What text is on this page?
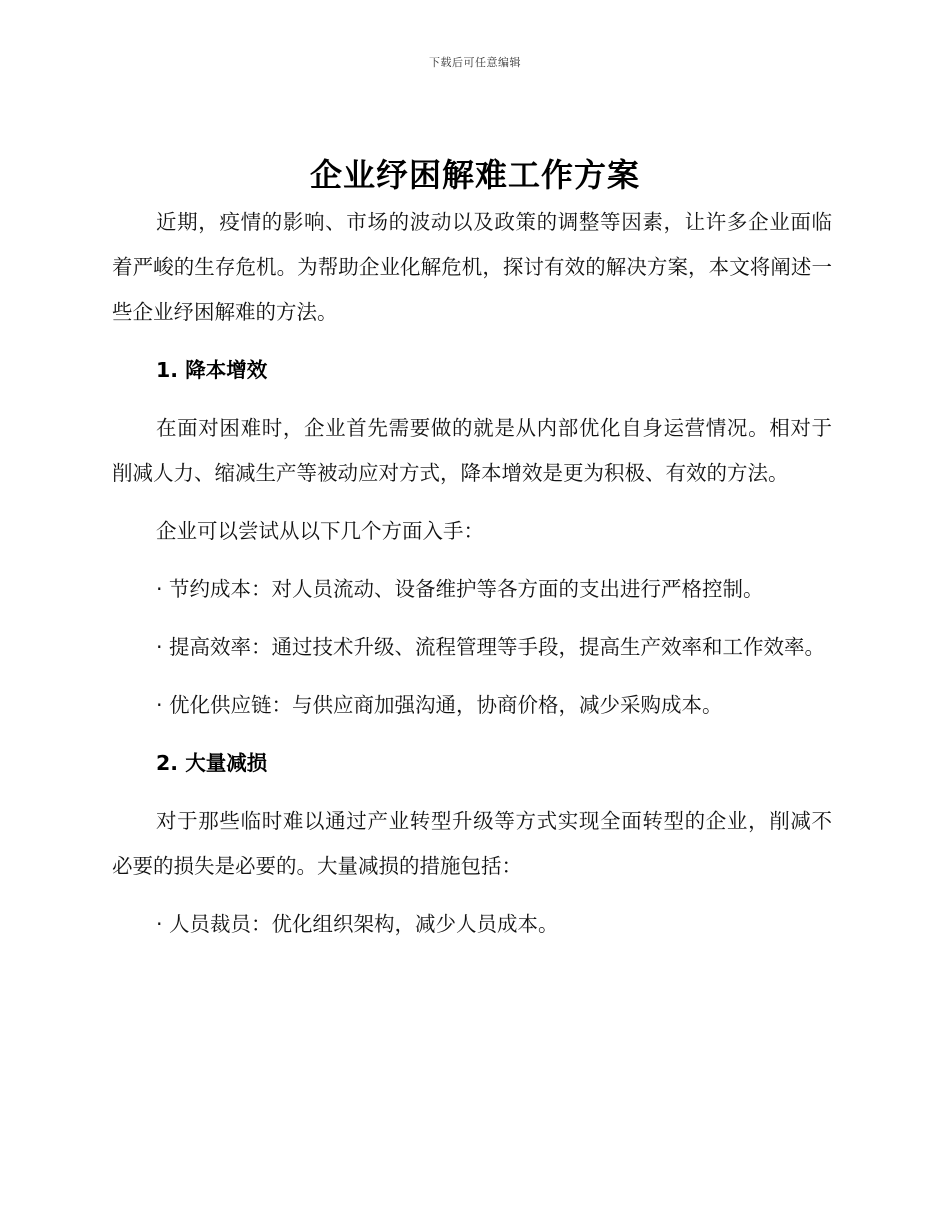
下载后可任意编辑
企业纾困解难工作方案

近期，疫情的影响、市场的波动以及政策的调整等因素，让许多企业面临着严峻的生存危机。为帮助企业化解危机，探讨有效的解决方案，本文将阐述一些企业纾困解难的方法。

1. 降本增效

在面对困难时，企业首先需要做的就是从内部优化自身运营情况。相对于削减人力、缩减生产等被动应对方式，降本增效是更为积极、有效的方法。

企业可以尝试从以下几个方面入手：

· 节约成本：对人员流动、设备维护等各方面的支出进行严格控制。

· 提高效率：通过技术升级、流程管理等手段，提高生产效率和工作效率。

· 优化供应链：与供应商加强沟通，协商价格，减少采购成本。

2. 大量减损

对于那些临时难以通过产业转型升级等方式实现全面转型的企业，削减不必要的损失是必要的。大量减损的措施包括：

· 人员裁员：优化组织架构，减少人员成本。
